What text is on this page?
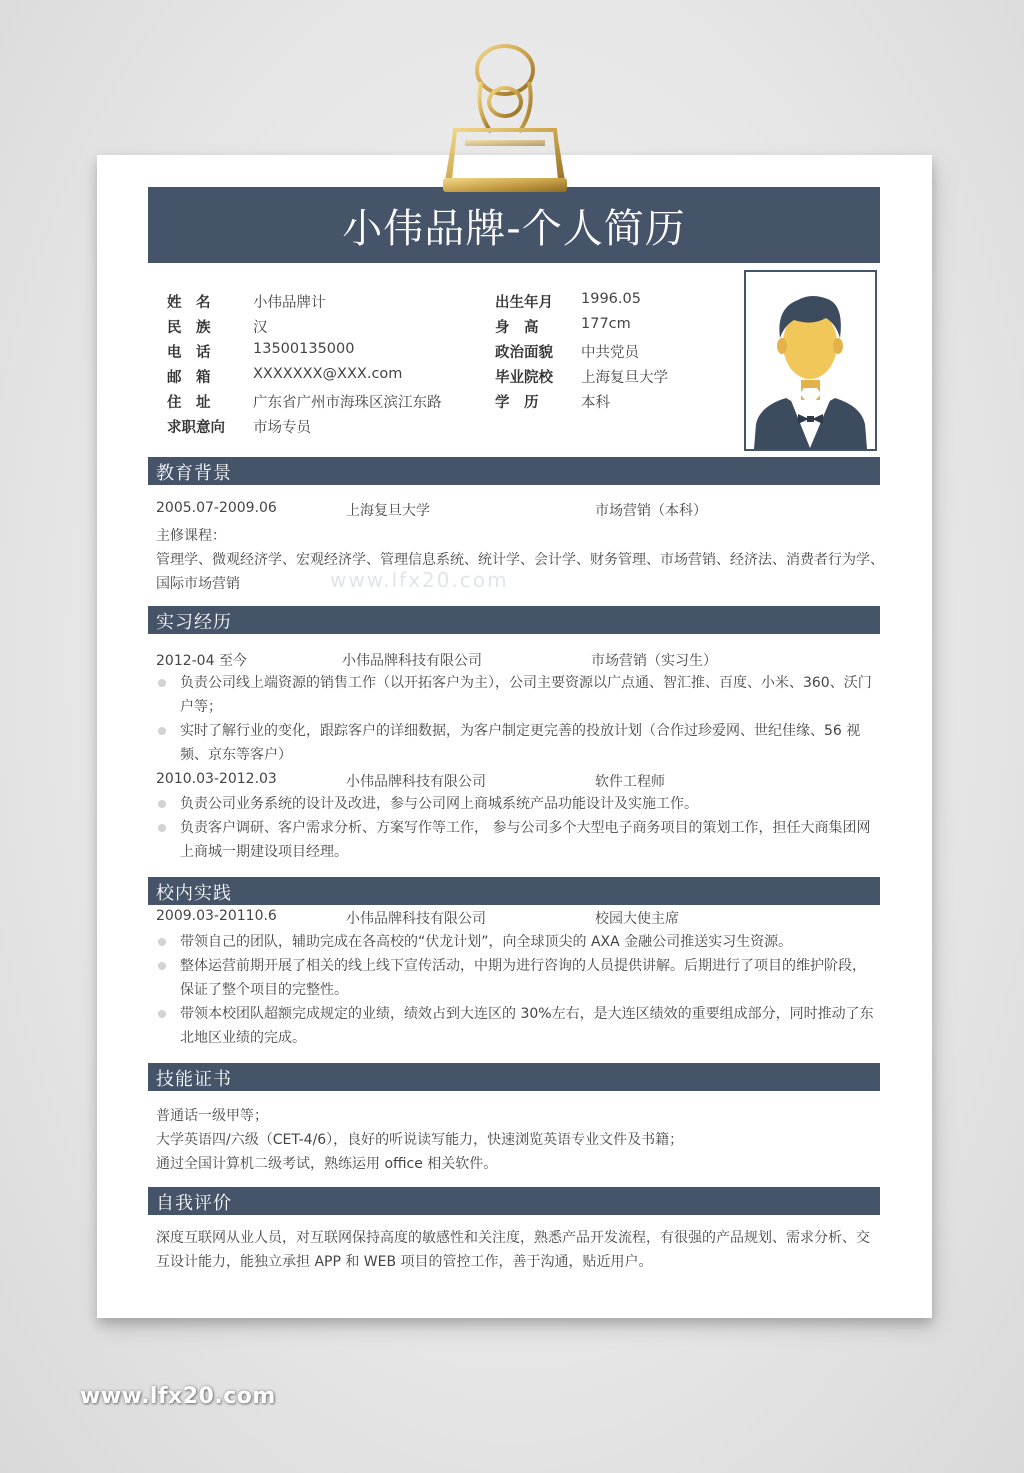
小伟品牌-个人简历
姓　名	小伟品牌计
民　族	汉
电　话	13500135000
邮　箱	XXXXXXX@XXX.com
住　址	广东省广州市海珠区滨江东路
求职意向	市场专员
出生年月	1996.05
身　高	177cm
政治面貌	中共党员
毕业院校	上海复旦大学
学　历	本科
教育背景
2005.07-2009.06	上海复旦大学	市场营销（本科）
主修课程：
管理学、微观经济学、宏观经济学、管理信息系统、统计学、会计学、财务管理、市场营销、经济法、消费者行为学、
国际市场营销
实习经历
2012-04 至今	小伟品牌科技有限公司	市场营销（实习生）
负责公司线上端资源的销售工作（以开拓客户为主），公司主要资源以广点通、智汇推、百度、小米、360、沃门户等；
实时了解行业的变化，跟踪客户的详细数据，为客户制定更完善的投放计划（合作过珍爱网、世纪佳缘、56 视频、京东等客户）
2010.03-2012.03	小伟品牌科技有限公司	软件工程师
负责公司业务系统的设计及改进，参与公司网上商城系统产品功能设计及实施工作。
负责客户调研、客户需求分析、方案写作等工作， 参与公司多个大型电子商务项目的策划工作，担任大商集团网上商城一期建设项目经理。
校内实践
2009.03-20110.6	小伟品牌科技有限公司	校园大使主席
带领自己的团队，辅助完成在各高校的“伏龙计划”，向全球顶尖的 AXA 金融公司推送实习生资源。
整体运营前期开展了相关的线上线下宣传活动，中期为进行咨询的人员提供讲解。后期进行了项目的维护阶段，保证了整个项目的完整性。
带领本校团队超额完成规定的业绩，绩效占到大连区的 30%左右，是大连区绩效的重要组成部分，同时推动了东北地区业绩的完成。
技能证书
普通话一级甲等；
大学英语四/六级（CET-4/6），良好的听说读写能力，快速浏览英语专业文件及书籍；
通过全国计算机二级考试，熟练运用 office 相关软件。
自我评价
深度互联网从业人员，对互联网保持高度的敏感性和关注度，熟悉产品开发流程，有很强的产品规划、需求分析、交互设计能力，能独立承担 APP 和 WEB 项目的管控工作，善于沟通，贴近用户。
www.lfx20.com
www.lfx20.com
